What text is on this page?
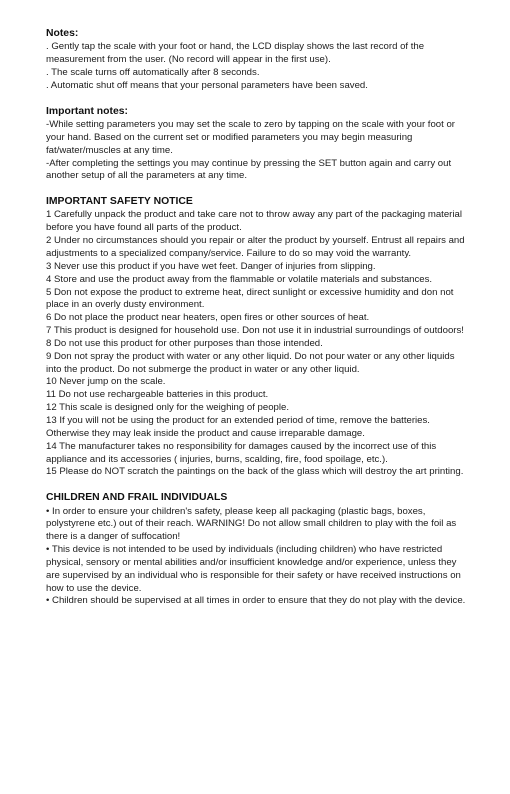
Notes:

. Gently tap the scale with your foot or hand, the LCD display shows the last record of the measurement from the user. (No record will appear in the first use).

. The scale turns off automatically after 8 seconds.

. Automatic shut off means that your personal parameters have been saved.

Important notes:

-While setting parameters you may set the scale to zero by tapping on the scale with your foot or your hand. Based on the current set or modified parameters you may begin measuring fat/water/muscles at any time.

-After completing the settings you may continue by pressing the SET button again and carry out another setup of all the parameters at any time.

IMPORTANT SAFETY NOTICE

1 Carefully unpack the product and take care not to throw away any part of the packaging material before you have found all parts of the product.

2 Under no circumstances should you repair or alter the product by yourself. Entrust all repairs and adjustments to a specialized company/service. Failure to do so may void the warranty.

3 Never use this product if you have wet feet. Danger of injuries from slipping.

4 Store and use the product away from the flammable or volatile materials and substances.

5 Don not expose the product to extreme heat, direct sunlight or excessive humidity and don not place in an overly dusty environment.

6 Do not place the product near heaters, open fires or other sources of heat.

7 This product is designed for household use. Don not use it in industrial surroundings of outdoors!

8 Do not use this product for other purposes than those intended.

9 Don not spray the product with water or any other liquid. Do not pour water or any other liquids into the product. Do not submerge the product in water or any other liquid.

10 Never jump on the scale.

11 Do not use rechargeable batteries in this product.

12 This scale is designed only for the weighing of people.

13 If you will not be using the product for an extended period of time, remove the batteries. Otherwise they may leak inside the product and cause irreparable damage.

14 The manufacturer takes no responsibility for damages caused by the incorrect use of this appliance and its accessories ( injuries, burns, scalding, fire, food spoilage, etc.).

15 Please do NOT scratch the paintings on the back of the glass which will destroy the art printing.

CHILDREN AND FRAIL INDIVIDUALS

• In order to ensure your children's safety, please keep all packaging (plastic bags, boxes, polystyrene etc.) out of their reach. WARNING! Do not allow small children to play with the foil as there is a danger of suffocation!

• This device is not intended to be used by individuals (including children) who have restricted physical, sensory or mental abilities and/or insufficient knowledge and/or experience, unless they are supervised by an individual who is responsible for their safety or have received instructions on how to use the device.

• Children should be supervised at all times in order to ensure that they do not play with the device.
